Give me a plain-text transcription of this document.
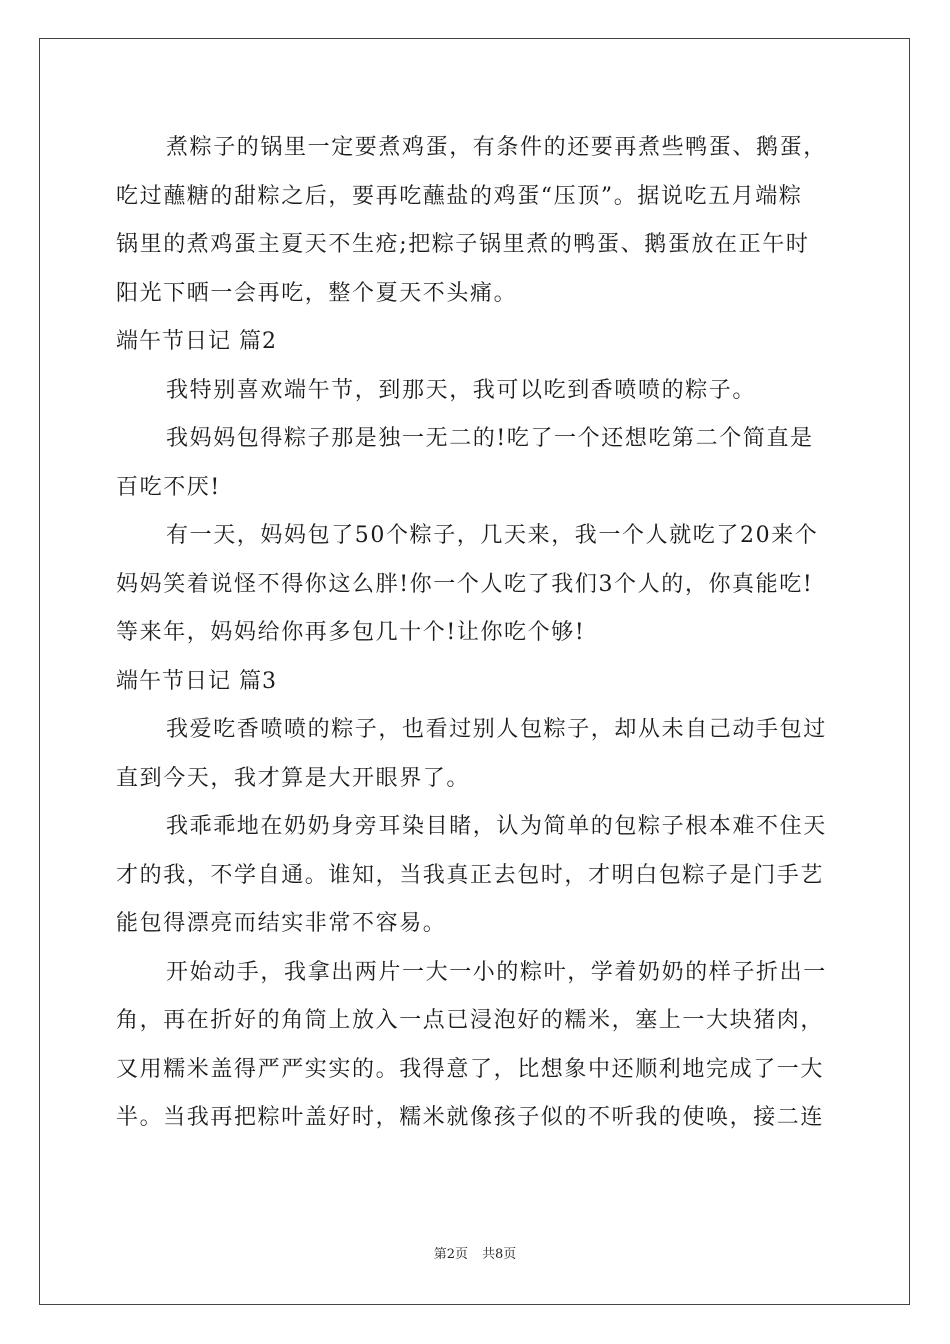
煮粽子的锅里一定要煮鸡蛋，有条件的还要再煮些鸭蛋、鹅蛋，
吃过蘸糖的甜粽之后，要再吃蘸盐的鸡蛋“压顶”。据说吃五月端粽
锅里的煮鸡蛋主夏天不生疮;把粽子锅里煮的鸭蛋、鹅蛋放在正午时
阳光下晒一会再吃，整个夏天不头痛。
端午节日记 篇2
我特别喜欢端午节，到那天，我可以吃到香喷喷的粽子。
我妈妈包得粽子那是独一无二的!吃了一个还想吃第二个简直是
百吃不厌!
有一天，妈妈包了50个粽子，几天来，我一个人就吃了20来个
妈妈笑着说怪不得你这么胖!你一个人吃了我们3个人的，你真能吃!
等来年，妈妈给你再多包几十个!让你吃个够!
端午节日记 篇3
我爱吃香喷喷的粽子，也看过别人包粽子，却从未自己动手包过
直到今天，我才算是大开眼界了。
我乖乖地在奶奶身旁耳染目睹，认为简单的包粽子根本难不住天
才的我，不学自通。谁知，当我真正去包时，才明白包粽子是门手艺
能包得漂亮而结实非常不容易。
开始动手，我拿出两片一大一小的粽叶，学着奶奶的样子折出一
角，再在折好的角筒上放入一点已浸泡好的糯米，塞上一大块猪肉，
又用糯米盖得严严实实的。我得意了，比想象中还顺利地完成了一大
半。当我再把粽叶盖好时，糯米就像孩子似的不听我的使唤，接二连
第2页 共8页
